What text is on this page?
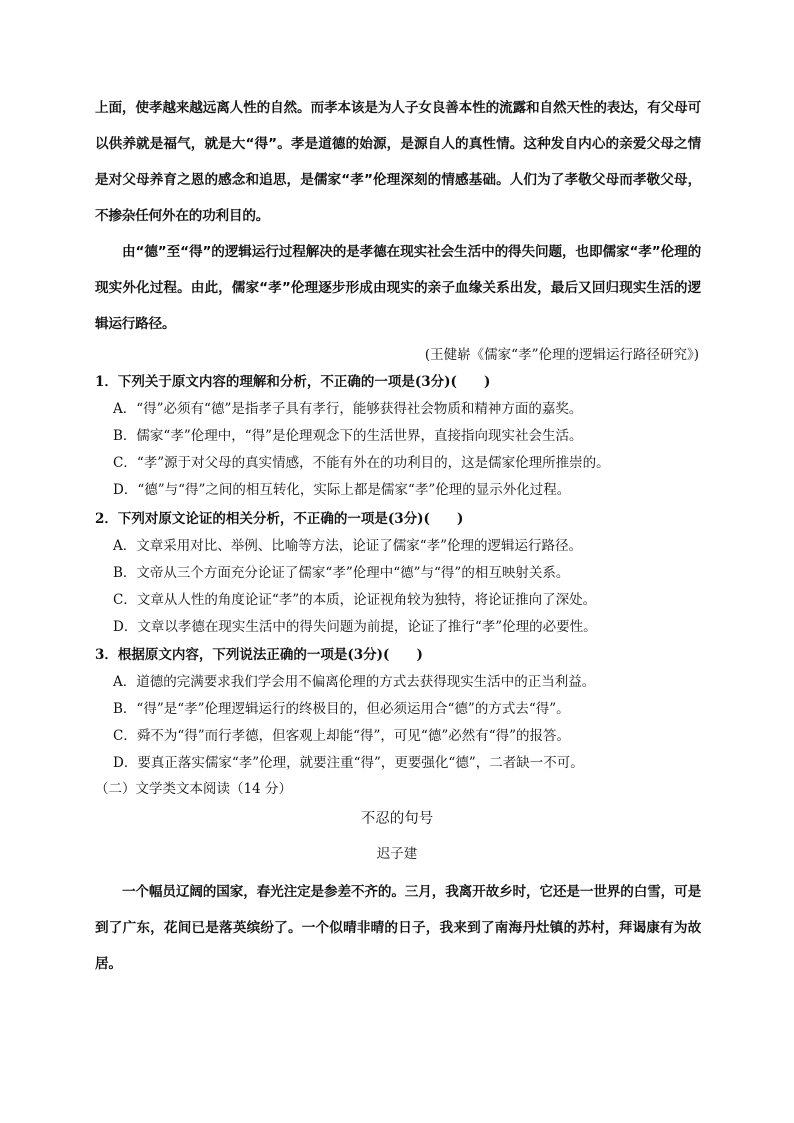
上面，使孝越来越远离人性的自然。而孝本该是为人子女良善本性的流露和自然天性的表达，有父母可以供养就是福气，就是大“得”。孝是道德的始源，是源自人的真性情。这种发自内心的亲爱父母之情是对父母养育之恩的感念和追思，是儒家“孝”伦理深刻的情感基础。人们为了孝敬父母而孝敬父母，不掺杂任何外在的功利目的。

由“德”至“得”的逻辑运行过程解决的是孝德在现实社会生活中的得失问题，也即儒家“孝”伦理的现实外化过程。由此，儒家“孝”伦理逐步形成由现实的亲子血缘关系出发，最后又回归现实生活的逻辑运行路径。

(王健崭《儒家“孝”伦理的逻辑运行路径研究》)
1．下列关于原文内容的理解和分析，不正确的一项是(3分)(　　)
A．“得”必须有“德”是指孝子具有孝行，能够获得社会物质和精神方面的嘉奖。
B．儒家“孝”伦理中，“得”是伦理观念下的生活世界，直接指向现实社会生活。
C．“孝”源于对父母的真实情感，不能有外在的功利目的，这是儒家伦理所推崇的。
D．“德”与“得”之间的相互转化，实际上都是儒家“孝”伦理的显示外化过程。
2．下列对原文论证的相关分析，不正确的一项是(3分)(　　)
A．文章采用对比、举例、比喻等方法，论证了儒家“孝”伦理的逻辑运行路径。
B．文帝从三个方面充分论证了儒家“孝”伦理中“德”与“得”的相互映射关系。
C．文章从人性的角度论证“孝”的本质，论证视角较为独特，将论证推向了深处。
D．文章以孝德在现实生活中的得失问题为前提，论证了推行“孝”伦理的必要性。
3．根据原文内容，下列说法正确的一项是(3分)(　　)
A．道德的完满要求我们学会用不偏离伦理的方式去获得现实生活中的正当利益。
B．“得”是“孝”伦理逻辑运行的终极目的，但必须运用合“德”的方式去“得”。
C．舜不为“得”而行孝德，但客观上却能“得”，可见“德”必然有“得”的报答。
D．要真正落实儒家“孝”伦理，就要注重“得”，更要强化“德”，二者缺一不可。
（二）文学类文本阅读（14 分）
不忍的句号
迟子建

一个幅员辽阔的国家，春光注定是参差不齐的。三月，我离开故乡时，它还是一世界的白雪，可是到了广东，花间已是落英缤纷了。一个似晴非晴的日子，我来到了南海丹灶镇的苏村，拜谒康有为故居。
